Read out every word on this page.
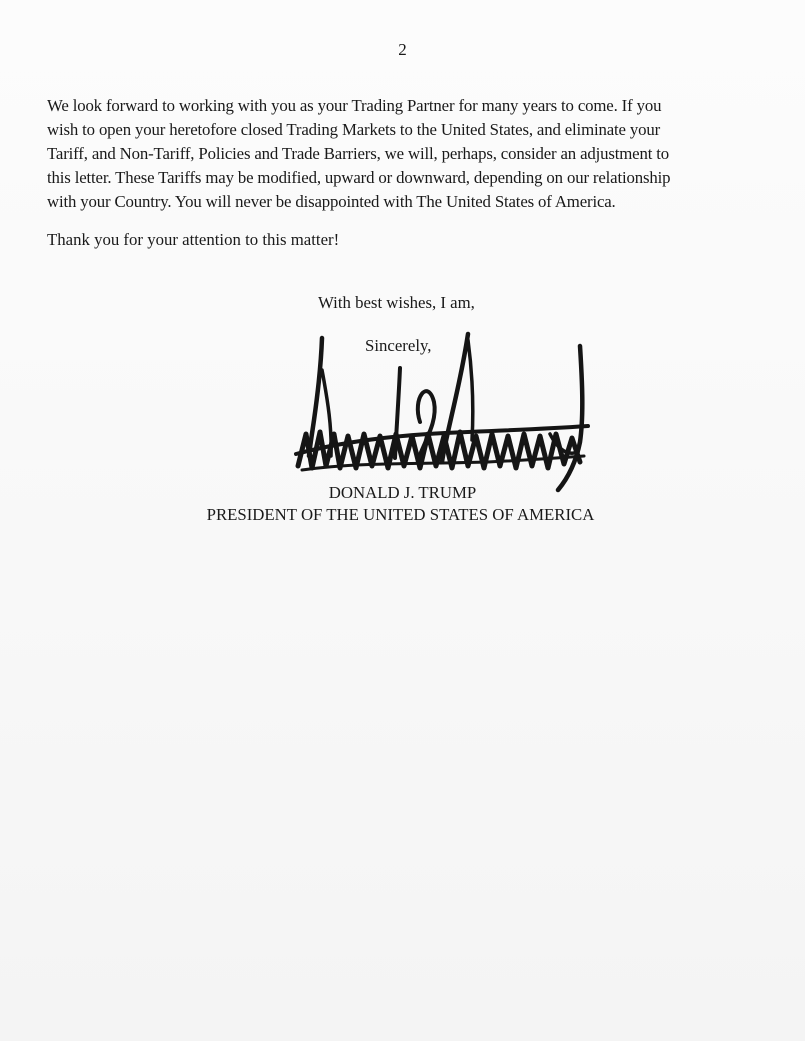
2

We look forward to working with you as your Trading Partner for many years to come. If you
wish to open your heretofore closed Trading Markets to the United States, and eliminate your
Tariff, and Non-Tariff, Policies and Trade Barriers, we will, perhaps, consider an adjustment to
this letter. These Tariffs may be modified, upward or downward, depending on our relationship
with your Country. You will never be disappointed with The United States of America.

Thank you for your attention to this matter!

With best wishes, I am,
Sincerely,
DONALD J. TRUMP
PRESIDENT OF THE UNITED STATES OF AMERICA
